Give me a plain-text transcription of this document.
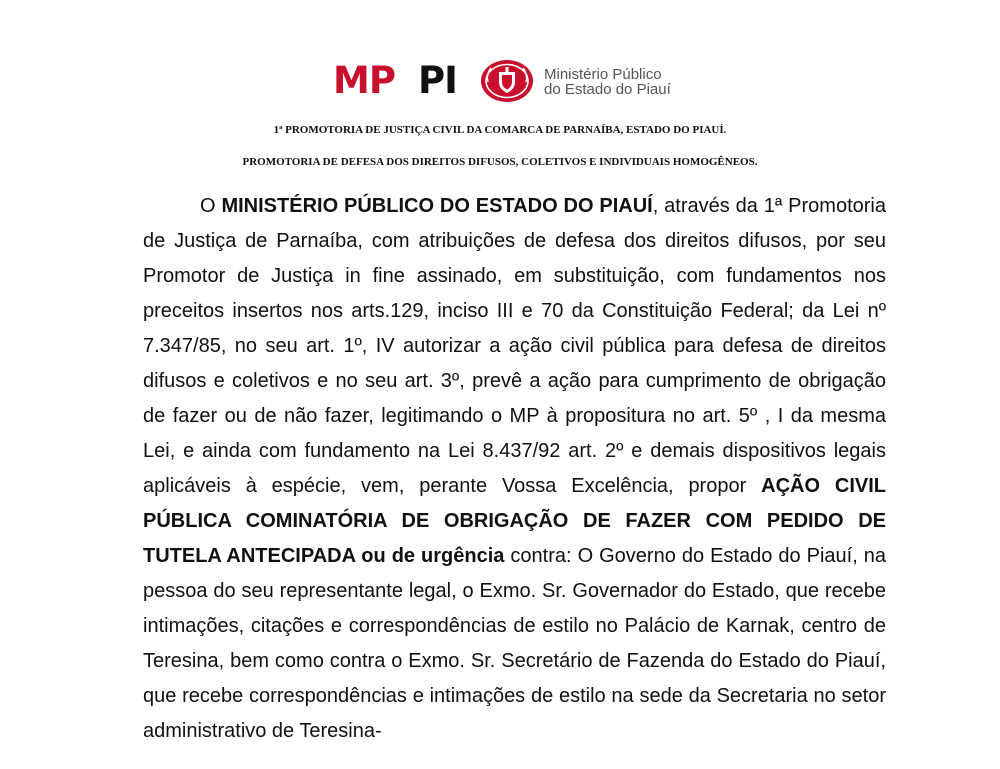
MP PI	Ministério Público
do Estado do Piauí
1ª PROMOTORIA DE JUSTIÇA CIVIL DA COMARCA DE PARNAÍBA, ESTADO DO PIAUÍ.
PROMOTORIA DE DEFESA DOS DIREITOS DIFUSOS, COLETIVOS E INDIVIDUAIS HOMOGÊNEOS.

O MINISTÉRIO PÚBLICO DO ESTADO DO PIAUÍ, através da 1ª Promotoria de Justiça de Parnaíba, com atribuições de defesa dos direitos difusos, por seu Promotor de Justiça in fine assinado, em substituição, com fundamentos nos preceitos insertos nos arts.129, inciso III e 70 da Constituição Federal; da Lei nº 7.347/85, no seu art. 1º, IV autorizar a ação civil pública para defesa de direitos difusos e coletivos e no seu art. 3º, prevê a ação para cumprimento de obrigação de fazer ou de não fazer, legitimando o MP à propositura no art. 5º , I da mesma Lei, e ainda com fundamento na Lei 8.437/92 art. 2º e demais dispositivos legais aplicáveis à espécie, vem, perante Vossa Excelência, propor AÇÃO CIVIL PÚBLICA COMINATÓRIA DE OBRIGAÇÃO DE FAZER COM PEDIDO DE TUTELA ANTECIPADA ou de urgência contra: O Governo do Estado do Piauí, na pessoa do seu representante legal, o Exmo. Sr. Governador do Estado, que recebe intimações, citações e correspondências de estilo no Palácio de Karnak, centro de Teresina, bem como contra o Exmo. Sr. Secretário de Fazenda do Estado do Piauí, que recebe correspondências e intimações de estilo na sede da Secretaria no setor administrativo de Teresina-
